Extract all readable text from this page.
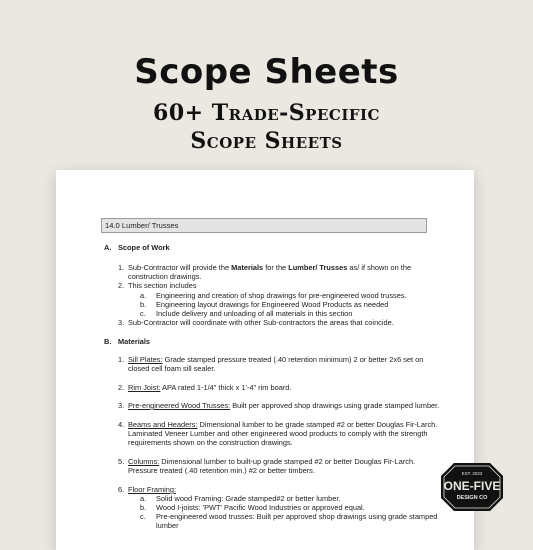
Scope Sheets
60+ Trade-Specific
Scope Sheets
14.0 Lumber/ Trusses
A. Scope of Work
1. Sub-Contractor will provide the Materials for the Lumber/ Trusses as/ if shown on the
construction drawings.
2. This section includes
a. Engineering and creation of shop drawings for pre-engineered wood trusses.
b. Engineering layout drawings for Engineered Wood Products as needed
c. Include delivery and unloading of all materials in this section
3. Sub-Contractor will coordinate with other Sub-contractors the areas that coincide.
B. Materials
1. Sill Plates: Grade stamped pressure treated (.40 retention minimum) 2 or better 2x6 set on
closed cell foam sill sealer.
2. Rim Joist: APA rated 1-1/4" thick x 1'-4" rim board.
3. Pre-engineered Wood Trusses: Built per approved shop drawings using grade stamped lumber.
4. Beams and Headers: Dimensional lumber to be grade stamped #2 or better Douglas Fir-Larch.
Laminated Veneer Lumber and other engineered wood products to comply with the strength
requirements shown on the construction drawings.
5. Columns: Dimensional lumber to built-up grade stamped #2 or better Douglas Fir-Larch.
Pressure treated (.40 retention min.) #2 or better timbers.
6. Floor Framing:
a. Solid wood Framing: Grade stamped#2 or better lumber.
b. Wood I-joists: 'PWT' Pacific Wood Industries or approved equal.
c. Pre-engineered wood trusses: Built per approved shop drawings using grade stamped
lumber
EST. 2022
ONE-FIVE
DESIGN CO
